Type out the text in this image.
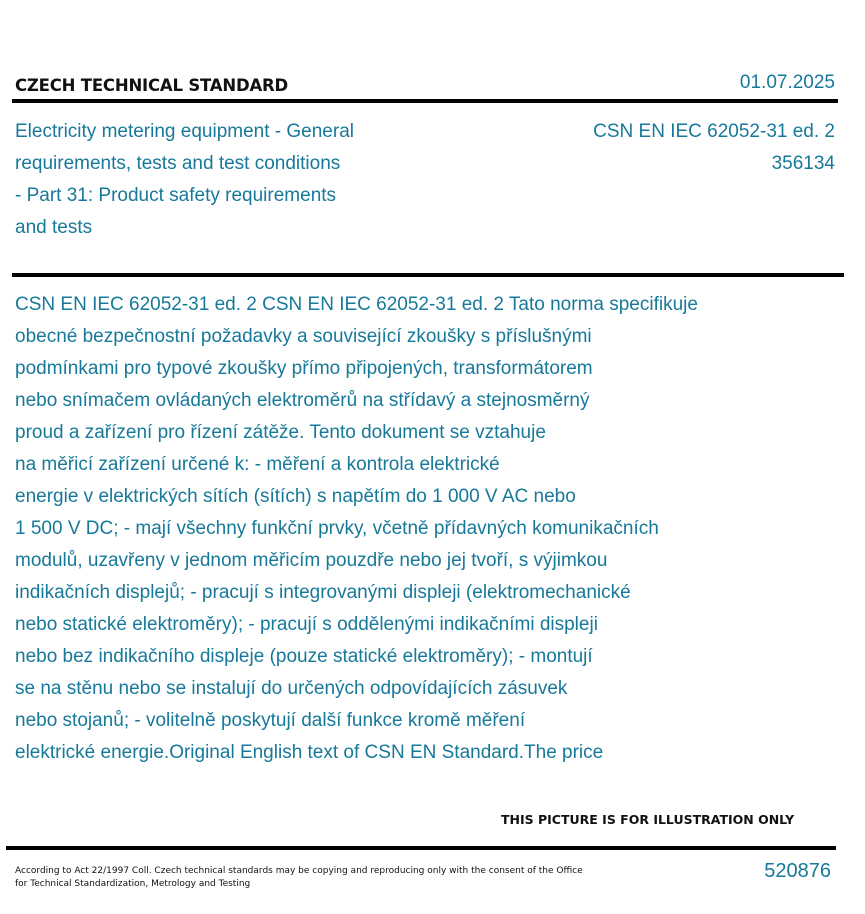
CZECH TECHNICAL STANDARD	01.07.2025
Electricity metering equipment - General
requirements, tests and test conditions
- Part 31: Product safety requirements
and tests
CSN EN IEC 62052-31 ed. 2
356134
CSN EN IEC 62052-31 ed. 2 CSN EN IEC 62052-31 ed. 2 Tato norma specifikuje
obecné bezpečnostní požadavky a související zkoušky s příslušnými
podmínkami pro typové zkoušky přímo připojených, transformátorem
nebo snímačem ovládaných elektroměrů na střídavý a stejnosměrný
proud a zařízení pro řízení zátěže. Tento dokument se vztahuje
na měřicí zařízení určené k: - měření a kontrola elektrické
energie v elektrických sítích (sítích) s napětím do 1 000 V AC nebo
1 500 V DC; - mají všechny funkční prvky, včetně přídavných komunikačních
modulů, uzavřeny v jednom měřicím pouzdře nebo jej tvoří, s výjimkou
indikačních displejů; - pracují s integrovanými displeji (elektromechanické
nebo statické elektroměry); - pracují s oddělenými indikačními displeji
nebo bez indikačního displeje (pouze statické elektroměry); - montují
se na stěnu nebo se instalují do určených odpovídajících zásuvek
nebo stojanů; - volitelně poskytují další funkce kromě měření
elektrické energie.Original English text of CSN EN Standard.The price
THIS PICTURE IS FOR ILLUSTRATION ONLY
According to Act 22/1997 Coll. Czech technical standards may be copying and reproducing only with the consent of the Office
for Technical Standardization, Metrology and Testing
520876
